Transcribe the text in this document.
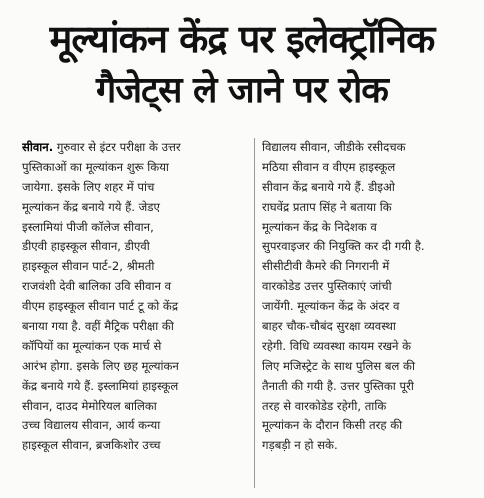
मूल्यांकन केंद्र पर इलेक्ट्रॉनिक
गैजेट्स ले जाने पर रोक
सीवान. गुरुवार से इंटर परीक्षा के उत्तर
पुस्तिकाओं का मूल्यांकन शुरू किया
जायेगा. इसके लिए शहर में पांच
मूल्यांकन केंद्र बनाये गये हैं. जेडए
इस्लामियां पीजी कॉलेज सीवान,
डीएवी हाइस्कूल सीवान, डीएवी
हाइस्कूल सीवान पार्ट-2, श्रीमती
राजवंशी देवी बालिका उवि सीवान व
वीएम हाइस्कूल सीवान पार्ट टू को केंद्र
बनाया गया है. वहीं मैट्रिक परीक्षा की
कॉपियों का मूल्यांकन एक मार्च से
आरंभ होगा. इसके लिए छह मूल्यांकन
केंद्र बनाये गये हैं. इस्लामियां हाइस्कूल
सीवान, दाउद मेमोरियल बालिका
उच्च विद्यालय सीवान, आर्य कन्या
हाइस्कूल सीवान, ब्रजकिशोर उच्च
विद्यालय सीवान, जीडीके रसीदचक
मठिया सीवान व वीएम हाइस्कूल
सीवान केंद्र बनाये गये हैं. डीइओ
राघवेंद्र प्रताप सिंह ने बताया कि
मूल्यांकन केंद्र के निदेशक व
सुपरवाइजर की नियुक्ति कर दी गयी है.
सीसीटीवी कैमरे की निगरानी में
वारकोडेड उत्तर पुस्तिकाएं जांची
जायेंगी. मूल्यांकन केंद्र के अंदर व
बाहर चौक-चौबंद सुरक्षा व्यवस्था
रहेगी. विधि व्यवस्था कायम रखने के
लिए मजिस्ट्रेट के साथ पुलिस बल की
तैनाती की गयी है. उत्तर पुस्तिका पूरी
तरह से वारकोडेड रहेगी, ताकि
मूल्यांकन के दौरान किसी तरह की
गड़बड़ी न हो सके.
